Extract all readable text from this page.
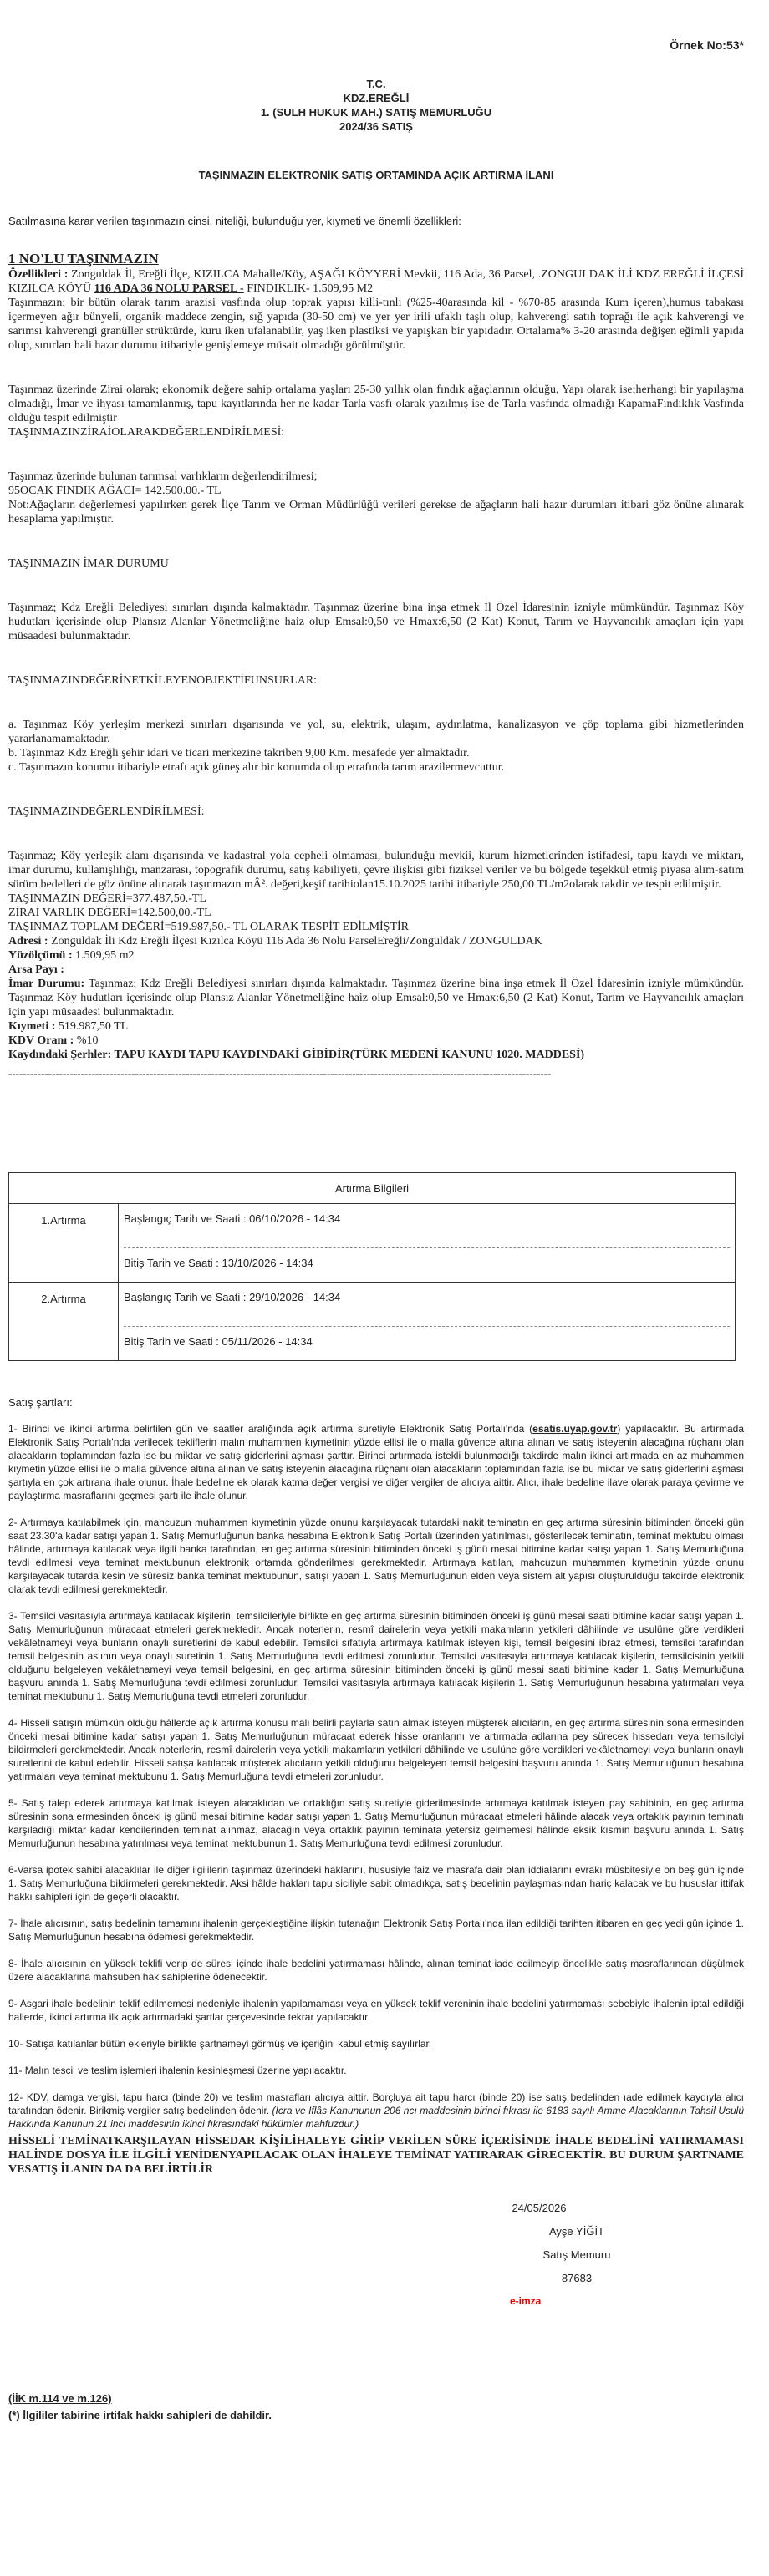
Örnek No:53*
T.C.
KDZ.EREĞLİ
1. (SULH HUKUK MAH.) SATIŞ MEMURLUĞU
2024/36 SATIŞ
TAŞINMAZIN ELEKTRONİK SATIŞ ORTAMINDA AÇIK ARTIRMA İLANI
Satılmasına karar verilen taşınmazın cinsi, niteliği, bulunduğu yer, kıymeti ve önemli özellikleri:
1 NO'LU TAŞINMAZIN
Özellikleri : Zonguldak İl, Ereğli İlçe, KIZILCA Mahalle/Köy, AŞAĞI KÖYYERİ Mevkii, 116 Ada, 36 Parsel, .ZONGULDAK İLİ KDZ EREĞLİ İLÇESİ KIZILCA KÖYÜ 116 ADA 36 NOLU PARSEL - FINDIKLIK- 1.509,95 M2
Taşınmazın; bir bütün olarak tarım arazisi vasfında olup toprak yapısı killi-tınlı (%25-40arasında kil - %70-85 arasında Kum içeren),humus tabakası içermeyen ağır bünyeli, organik maddece zengin, sığ yapıda (30-50 cm) ve yer yer irili ufaklı taşlı olup, kahverengi satıh toprağı ile açık kahverengi ve sarımsı kahverengi granüller strüktürde, kuru iken ufalanabilir, yaş iken plastiksi ve yapışkan bir yapıdadır. Ortalama% 3-20 arasında değişen eğimli yapıda olup, sınırları hali hazır durumu itibariyle genişlemeye müsait olmadığı görülmüştür.
Taşınmaz üzerinde Zirai olarak; ekonomik değere sahip ortalama yaşları 25-30 yıllık olan fındık ağaçlarının olduğu, Yapı olarak ise;herhangi bir yapılaşma olmadığı, İmar ve ihyası tamamlanmış, tapu kayıtlarında her ne kadar Tarla vasfı olarak yazılmış ise de Tarla vasfında olmadığı KapamaFındıklık Vasfında olduğu tespit edilmiştir
TAŞINMAZINZİRAİOLARAKDEĞERLENDİRİLMESİ:
Taşınmaz üzerinde bulunan tarımsal varlıkların değerlendirilmesi;
95OCAK FINDIK AĞACI= 142.500.00.- TL
Not:Ağaçların değerlemesi yapılırken gerek İlçe Tarım ve Orman Müdürlüğü verileri gerekse de ağaçların hali hazır durumları itibari göz önüne alınarak hesaplama yapılmıştır.
TAŞINMAZIN İMAR DURUMU
Taşınmaz; Kdz Ereğli Belediyesi sınırları dışında kalmaktadır. Taşınmaz üzerine bina inşa etmek İl Özel İdaresinin izniyle mümkündür. Taşınmaz Köy hudutları içerisinde olup Plansız Alanlar Yönetmeliğine haiz olup Emsal:0,50 ve Hmax:6,50 (2 Kat) Konut, Tarım ve Hayvancılık amaçları için yapı müsaadesi bulunmaktadır.
TAŞINMAZINDEĞERİNETKİLEYENOBJEKTİFUNSURLAR:
a. Taşınmaz Köy yerleşim merkezi sınırları dışarısında ve yol, su, elektrik, ulaşım, aydınlatma, kanalizasyon ve çöp toplama gibi hizmetlerinden yararlanamamaktadır.
b. Taşınmaz Kdz Ereğli şehir idari ve ticari merkezine takriben 9,00 Km. mesafede yer almaktadır.
c. Taşınmazın konumu itibariyle etrafı açık güneş alır bir konumda olup etrafında tarım arazilermevcuttur.
TAŞINMAZINDEĞERLENDİRİLMESİ:
Taşınmaz; Köy yerleşik alanı dışarısında ve kadastral yola cepheli olmaması, bulunduğu mevkii, kurum hizmetlerinden istifadesi, tapu kaydı ve miktarı, imar durumu, kullanışlılığı, manzarası, topografik durumu, satış kabiliyeti, çevre ilişkisi gibi fiziksel veriler ve bu bölgede teşekkül etmiş piyasa alım-satım sürüm bedelleri de göz önüne alınarak taşınmazın mÂ². değeri,keşif tarihiolan15.10.2025 tarihi itibariyle 250,00 TL/m2olarak takdir ve tespit edilmiştir.
TAŞINMAZIN DEĞERİ=377.487,50.-TL
ZİRAİ VARLIK DEĞERİ=142.500,00.-TL
TAŞINMAZ TOPLAM DEĞERİ=519.987,50.- TL OLARAK TESPİT EDİLMİŞTİR
Adresi : Zonguldak İli Kdz Ereğli İlçesi Kızılca Köyü 116 Ada 36 Nolu ParselEreğli/Zonguldak / ZONGULDAK
Yüzölçümü : 1.509,95 m2
Arsa Payı :
İmar Durumu: Taşınmaz; Kdz Ereğli Belediyesi sınırları dışında kalmaktadır. Taşınmaz üzerine bina inşa etmek İl Özel İdaresinin izniyle mümkündür. Taşınmaz Köy hudutları içerisinde olup Plansız Alanlar Yönetmeliğine haiz olup Emsal:0,50 ve Hmax:6,50 (2 Kat) Konut, Tarım ve Hayvancılık amaçları için yapı müsaadesi bulunmaktadır.
Kıymeti : 519.987,50 TL
KDV Oranı : %10
Kaydındaki Şerhler: TAPU KAYDI TAPU KAYDINDAKİ GİBİDİR(TÜRK MEDENİ KANUNU 1020. MADDESİ)
------------------------------------------------------------------------------------------------------------------------------------------------------
Artırma Bilgileri	
1.Artırma	Başlangıç Tarih ve Saati : 06/10/2026 - 14:34
Bitiş Tarih ve Saati : 13/10/2026 - 14:34

2.Artırma	Başlangıç Tarih ve Saati : 29/10/2026 - 14:34
Bitiş Tarih ve Saati : 05/11/2026 - 14:34
Satış şartları:
1- Birinci ve ikinci artırma belirtilen gün ve saatler aralığında açık artırma suretiyle Elektronik Satış Portalı'nda (esatis.uyap.gov.tr) yapılacaktır. Bu artırmada Elektronik Satış Portalı'nda verilecek tekliflerin malın muhammen kıymetinin yüzde ellisi ile o malla güvence altına alınan ve satış isteyenin alacağına rüçhanı olan alacakların toplamından fazla ise bu miktar ve satış giderlerini aşması şarttır. Birinci artırmada istekli bulunmadığı takdirde malın ikinci artırmada en az muhammen kıymetin yüzde ellisi ile o malla güvence altına alınan ve satış isteyenin alacağına rüçhanı olan alacakların toplamından fazla ise bu miktar ve satış giderlerini aşması şartıyla en çok artırana ihale olunur. İhale bedeline ek olarak katma değer vergisi ve diğer vergiler de alıcıya aittir. Alıcı, ihale bedeline ilave olarak paraya çevirme ve paylaştırma masraflarını geçmesi şartı ile ihale olunur.
2- Artırmaya katılabilmek için, mahcuzun muhammen kıymetinin yüzde onunu karşılayacak tutardaki nakit teminatın en geç artırma süresinin bitiminden önceki gün saat 23.30'a kadar satışı yapan 1. Satış Memurluğunun banka hesabına Elektronik Satış Portalı üzerinden yatırılması, gösterilecek teminatın, teminat mektubu olması hâlinde, artırmaya katılacak veya ilgili banka tarafından, en geç artırma süresinin bitiminden önceki iş günü mesai bitimine kadar satışı yapan 1. Satış Memurluğuna tevdi edilmesi veya teminat mektubunun elektronik ortamda gönderilmesi gerekmektedir. Artırmaya katılan, mahcuzun muhammen kıymetinin yüzde onunu karşılayacak tutarda kesin ve süresiz banka teminat mektubunun, satışı yapan 1. Satış Memurluğunun elden veya sistem alt yapısı oluşturulduğu takdirde elektronik olarak tevdi edilmesi gerekmektedir.
3- Temsilci vasıtasıyla artırmaya katılacak kişilerin, temsilcileriyle birlikte en geç artırma süresinin bitiminden önceki iş günü mesai saati bitimine kadar satışı yapan 1. Satış Memurluğunun müracaat etmeleri gerekmektedir. Ancak noterlerin, resmî dairelerin veya yetkili makamların yetkileri dâhilinde ve usulüne göre verdikleri vekâletnameyi veya bunların onaylı suretlerini de kabul edebilir. Temsilci sıfatıyla artırmaya katılmak isteyen kişi, temsil belgesini ibraz etmesi, temsilci tarafından temsil belgesinin aslının veya onaylı suretinin 1. Satış Memurluğuna tevdi edilmesi zorunludur. Temsilci vasıtasıyla artırmaya katılacak kişilerin, temsilcisinin yetkili olduğunu belgeleyen vekâletnameyi veya temsil belgesini, en geç artırma süresinin bitiminden önceki iş günü mesai saati bitimine kadar 1. Satış Memurluğuna başvuru anında 1. Satış Memurluğuna tevdi edilmesi zorunludur. Temsilci vasıtasıyla artırmaya katılacak kişilerin 1. Satış Memurluğunun hesabına yatırmaları veya teminat mektubunu 1. Satış Memurluğuna tevdi etmeleri zorunludur.
4- Hisseli satışın mümkün olduğu hâllerde açık artırma konusu malı belirli paylarla satın almak isteyen müşterek alıcıların, en geç artırma süresinin sona ermesinden önceki mesai bitimine kadar satışı yapan 1. Satış Memurluğunun müracaat ederek hisse oranlarını ve artırmada adlarına pey sürecek hissedarı veya temsilciyi bildirmeleri gerekmektedir. Ancak noterlerin, resmî dairelerin veya yetkili makamların yetkileri dâhilinde ve usulüne göre verdikleri vekâletnameyi veya bunların onaylı suretlerini de kabul edebilir. Hisseli satışa katılacak müşterek alıcıların yetkili olduğunu belgeleyen temsil belgesini başvuru anında 1. Satış Memurluğunun hesabına yatırmaları veya teminat mektubunu 1. Satış Memurluğuna tevdi etmeleri zorunludur.
5- Satış talep ederek artırmaya katılmak isteyen alacaklıdan ve ortaklığın satış suretiyle giderilmesinde artırmaya katılmak isteyen pay sahibinin, en geç artırma süresinin sona ermesinden önceki iş günü mesai bitimine kadar satışı yapan 1. Satış Memurluğunun müracaat etmeleri hâlinde alacak veya ortaklık payının teminatı karşıladığı miktar kadar kendilerinden teminat alınmaz, alacağın veya ortaklık payının teminata yetersiz gelmemesi hâlinde eksik kısmın başvuru anında 1. Satış Memurluğunun hesabına yatırılması veya teminat mektubunun 1. Satış Memurluğuna tevdi edilmesi zorunludur.
6-Varsa ipotek sahibi alacaklılar ile diğer ilgililerin taşınmaz üzerindeki haklarını, hususiyle faiz ve masrafa dair olan iddialarını evrakı müsbitesiyle on beş gün içinde 1. Satış Memurluğuna bildirmeleri gerekmektedir. Aksi hâlde hakları tapu siciliyle sabit olmadıkça, satış bedelinin paylaşmasından hariç kalacak ve bu hususlar ittifak hakkı sahipleri için de geçerli olacaktır.
7- İhale alıcısının, satış bedelinin tamamını ihalenin gerçekleştiğine ilişkin tutanağın Elektronik Satış Portalı'nda ilan edildiği tarihten itibaren en geç yedi gün içinde 1. Satış Memurluğunun hesabına ödemesi gerekmektedir.
8- İhale alıcısının en yüksek teklifi verip de süresi içinde ihale bedelini yatırmaması hâlinde, alınan teminat iade edilmeyip öncelikle satış masraflarından düşülmek üzere alacaklarına mahsuben hak sahiplerine ödenecektir.
9- Asgari ihale bedelinin teklif edilmemesi nedeniyle ihalenin yapılamaması veya en yüksek teklif vereninin ihale bedelini yatırmaması sebebiyle ihalenin iptal edildiği hallerde, ikinci artırma ilk açık artırmadaki şartlar çerçevesinde tekrar yapılacaktır.
10- Satışa katılanlar bütün ekleriyle birlikte şartnameyi görmüş ve içeriğini kabul etmiş sayılırlar.
11- Malın tescil ve teslim işlemleri ihalenin kesinleşmesi üzerine yapılacaktır.
12- KDV, damga vergisi, tapu harcı (binde 20) ve teslim masrafları alıcıya aittir. Borçluya ait tapu harcı (binde 20) ise satış bedelinden ıade edilmek kaydıyla alıcı tarafından ödenir. Birikmiş vergiler satış bedelinden ödenir. (İcra ve İflâs Kanununun 206 ncı maddesinin birinci fıkrası ile 6183 sayılı Amme Alacaklarının Tahsil Usulü Hakkında Kanunun 21 inci maddesinin ikinci fıkrasındaki hükümler mahfuzdur.)
HİSSELİ TEMİNATKARŞILAYAN HİSSEDAR KİŞİLİHALEYE GİRİP VERİLEN SÜRE İÇERİSİNDE İHALE BEDELİNİ YATIRMAMASI HALİNDE DOSYA İLE İLGİLİ YENİDENYAPILACAK OLAN İHALEYE TEMİNAT YATIRARAK GİRECEKTİR. BU DURUM ŞARTNAME VESATIŞ İLANIN DA DA BELİRTİLİR
24/05/2026
Ayşe YİĞİT
Satış Memuru
87683
e-imza
(İİK m.114 ve m.126)
(*) İlgililer tabirine irtifak hakkı sahipleri de dahildir.
